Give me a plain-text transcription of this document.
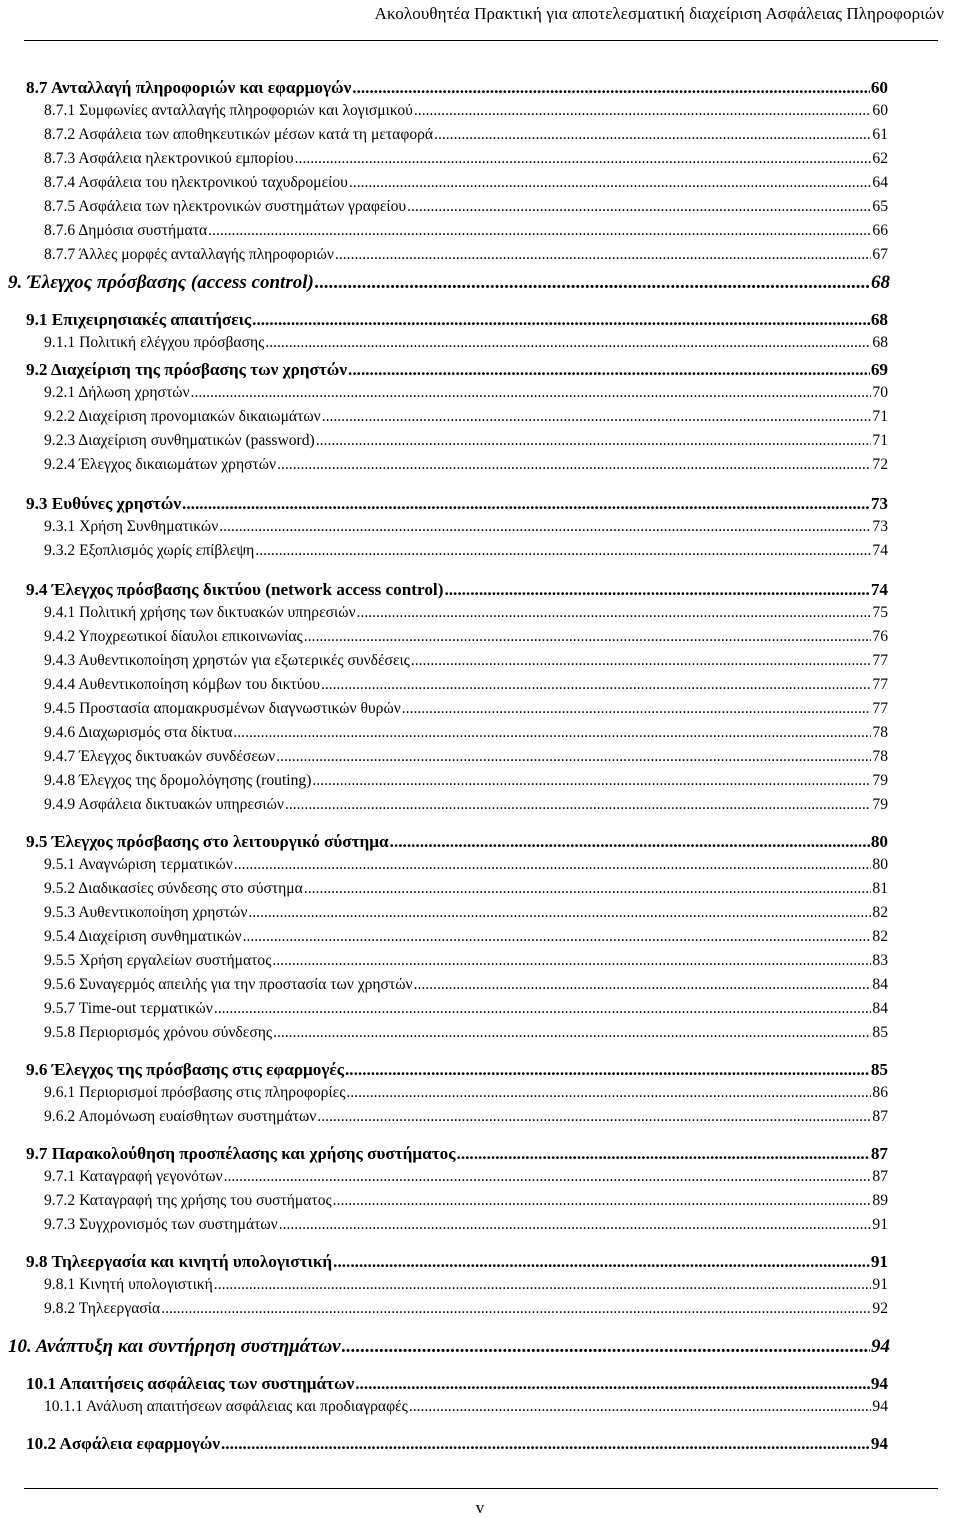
Ακολουθητέα Πρακτική για αποτελεσματική διαχείριση Ασφάλειας Πληροφοριών
8.7 Ανταλλαγή πληροφοριών και εφαρμογών .....	60
8.7.1 Συμφωνίες ανταλλαγής πληροφοριών και λογισμικού .....	60
8.7.2 Ασφάλεια των αποθηκευτικών μέσων κατά τη μεταφορά .....	61
8.7.3 Ασφάλεια ηλεκτρονικού εμπορίου .....	62
8.7.4 Ασφάλεια του ηλεκτρονικού ταχυδρομείου .....	64
8.7.5 Ασφάλεια των ηλεκτρονικών συστημάτων γραφείου .....	65
8.7.6 Δημόσια συστήματα .....	66
8.7.7 Άλλες μορφές ανταλλαγής πληροφοριών .....	67
9. Έλεγχος πρόσβασης (access control) .....	68
9.1 Επιχειρησιακές απαιτήσεις .....	68
9.1.1 Πολιτική ελέγχου πρόσβασης .....	68
9.2 Διαχείριση της πρόσβασης των χρηστών .....	69
9.2.1 Δήλωση χρηστών .....	70
9.2.2 Διαχείριση προνομιακών δικαιωμάτων .....	71
9.2.3 Διαχείριση συνθηματικών (password) .....	71
9.2.4 Έλεγχος δικαιωμάτων χρηστών .....	72
9.3 Ευθύνες χρηστών .....	73
9.3.1 Χρήση Συνθηματικών .....	73
9.3.2 Εξοπλισμός χωρίς επίβλεψη .....	74
9.4 Έλεγχος πρόσβασης δικτύου (network access control) .....	74
9.4.1 Πολιτική χρήσης των δικτυακών υπηρεσιών .....	75
9.4.2 Υποχρεωτικοί δίαυλοι επικοινωνίας .....	76
9.4.3 Αυθεντικοποίηση χρηστών για εξωτερικές συνδέσεις .....	77
9.4.4 Αυθεντικοποίηση κόμβων του δικτύου .....	77
9.4.5 Προστασία απομακρυσμένων διαγνωστικών θυρών .....	77
9.4.6 Διαχωρισμός στα δίκτυα .....	78
9.4.7 Έλεγχος δικτυακών συνδέσεων .....	78
9.4.8 Έλεγχος της δρομολόγησης (routing) .....	79
9.4.9 Ασφάλεια δικτυακών υπηρεσιών .....	79
9.5 Έλεγχος πρόσβασης στο λειτουργικό σύστημα .....	80
9.5.1 Αναγνώριση τερματικών .....	80
9.5.2 Διαδικασίες σύνδεσης στο σύστημα .....	81
9.5.3 Αυθεντικοποίηση χρηστών .....	82
9.5.4 Διαχείριση συνθηματικών .....	82
9.5.5 Χρήση εργαλείων συστήματος .....	83
9.5.6 Συναγερμός απειλής για την προστασία των χρηστών .....	84
9.5.7 Time-out τερματικών .....	84
9.5.8 Περιορισμός χρόνου σύνδεσης .....	85
9.6 Έλεγχος της πρόσβασης στις εφαρμογές .....	85
9.6.1 Περιορισμοί πρόσβασης στις πληροφορίες .....	86
9.6.2 Απομόνωση ευαίσθητων συστημάτων .....	87
9.7 Παρακολούθηση προσπέλασης και χρήσης συστήματος .....	87
9.7.1 Καταγραφή γεγονότων .....	87
9.7.2 Καταγραφή της χρήσης του συστήματος .....	89
9.7.3 Συγχρονισμός των συστημάτων .....	91
9.8 Τηλεεργασία και κινητή υπολογιστική .....	91
9.8.1 Κινητή υπολογιστική .....	91
9.8.2 Τηλεεργασία .....	92
10. Ανάπτυξη και συντήρηση συστημάτων .....	94
10.1 Απαιτήσεις ασφάλειας των συστημάτων .....	94
10.1.1 Ανάλυση απαιτήσεων ασφάλειας και προδιαγραφές .....	94
10.2 Ασφάλεια εφαρμογών .....	94
v
